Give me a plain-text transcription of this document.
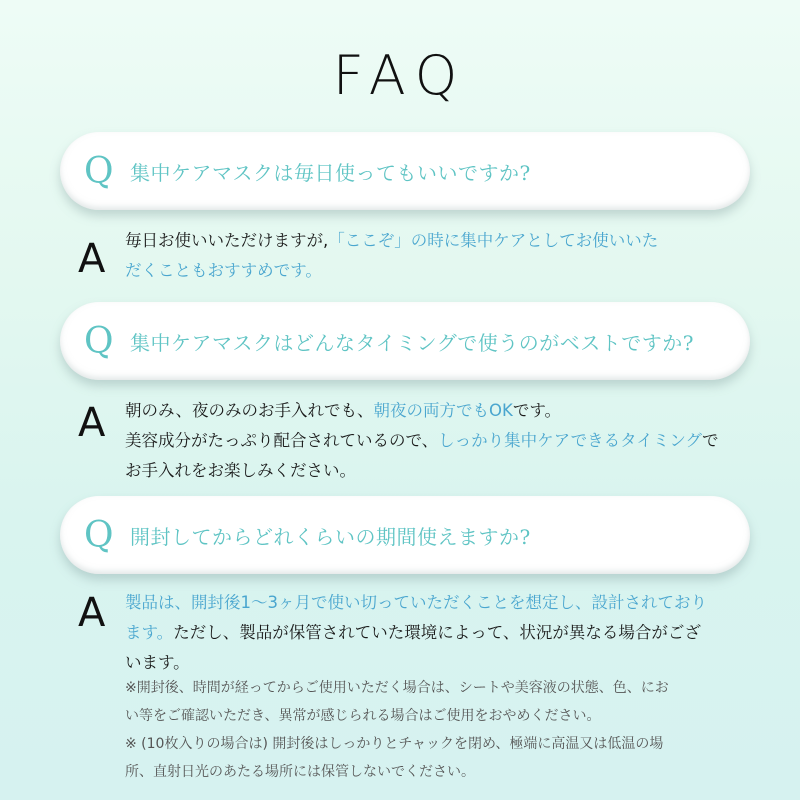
FAQ
Q 集中ケアマスクは毎日使ってもいいですか?
A 毎日お使いいただけますが,「ここぞ」の時に集中ケアとしてお使いいた

だくこともおすすめです。

Q 集中ケアマスクはどんなタイミングで使うのがベストですか?
A 朝のみ、夜のみのお手入れでも、朝夜の両方でもOKです。

美容成分がたっぷり配合されているので、しっかり集中ケアできるタイミングで

お手入れをお楽しみください。

Q 開封してからどれくらいの期間使えますか?
A 製品は、開封後1〜3ヶ月で使い切っていただくことを想定し、設計されており

ます。ただし、製品が保管されていた環境によって、状況が異なる場合がござ

います。

※開封後、時間が経ってからご使用いただく場合は、シートや美容液の状態、色、にお

い等をご確認いただき、異常が感じられる場合はご使用をおやめください。

※ (10枚入りの場合は) 開封後はしっかりとチャックを閉め、極端に高温又は低温の場

所、直射日光のあたる場所には保管しないでください。
